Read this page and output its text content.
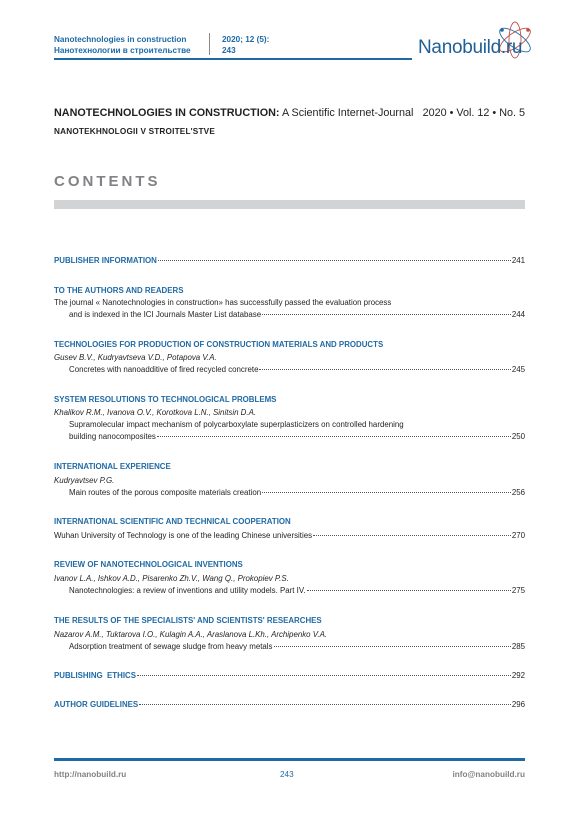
Nanotechnologies in construction
Нанотехнологии в строительстве
2020; 12 (5):
243	Nanobuild.ru
NANOTECHNOLOGIES IN CONSTRUCTION: A Scientific Internet-Journal 2020 • Vol. 12 • No. 5
NANOTEKHNOLOGII V STROITEL'STVE
CONTENTS
PUBLISHER INFORMATION	241
TO THE AUTHORS AND READERS
The journal « Nanotechnologies in construction» has successfully passed the evaluation process
and is indexed in the ICI Journals Master List database	244
TECHNOLOGIES FOR PRODUCTION OF CONSTRUCTION MATERIALS AND PRODUCTS
Gusev B.V., Kudryavtseva V.D., Potapova V.A.
Concretes with nanoadditive of fired recycled concrete	245
SYSTEM RESOLUTIONS TO TECHNOLOGICAL PROBLEMS
Khalikov R.M., Ivanova O.V., Korotkova L.N., Sinitsin D.A.
Supramolecular impact mechanism of polycarboxylate superplasticizers on controlled hardening
building nanocomposites	250
INTERNATIONAL EXPERIENCE
Kudryavtsev P.G.
Main routes of the porous composite materials creation	256
INTERNATIONAL SCIENTIFIC AND TECHNICAL COOPERATION
Wuhan University of Technology is one of the leading Chinese universities	270
REVIEW OF NANOTECHNOLOGICAL INVENTIONS
Ivanov L.A., Ishkov A.D., Pisarenko Zh.V., Wang Q., Prokopiev P.S.
Nanotechnologies: a review of inventions and utility models. Part IV.	275
THE RESULTS OF THE SPECIALISTS' AND SCIENTISTS' RESEARCHES
Nazarov A.M., Tuktarova I.O., Kulagin A.A., Araslanova L.Kh., Archipenko V.A.
Adsorption treatment of sewage sludge from heavy metals	285
PUBLISHING  ETHICS	292
AUTHOR GUIDELINES	296
http://nanobuild.ru	243	info@nanobuild.ru
